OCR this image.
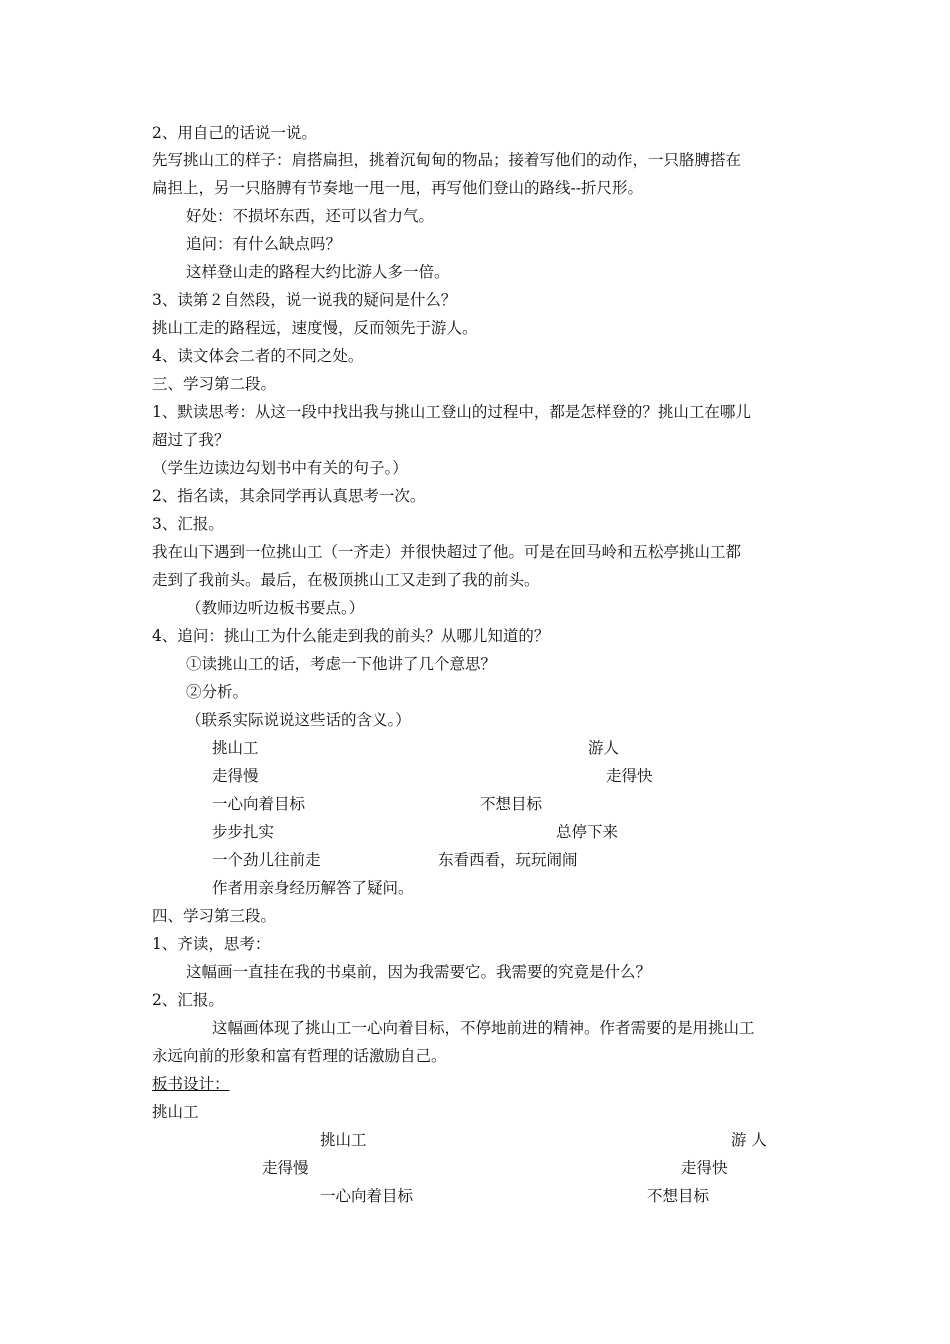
2、用自己的话说一说。
先写挑山工的样子：肩搭扁担，挑着沉甸甸的物品；接着写他们的动作，一只胳膊搭在
扁担上，另一只胳膊有节奏地一甩一甩，再写他们登山的路线--折尺形。
好处：不损坏东西，还可以省力气。
追问：有什么缺点吗？
这样登山走的路程大约比游人多一倍。
3、读第２自然段，说一说我的疑问是什么？
挑山工走的路程远，速度慢，反而领先于游人。
4、读文体会二者的不同之处。
三、学习第二段。
1、默读思考：从这一段中找出我与挑山工登山的过程中，都是怎样登的？挑山工在哪儿
超过了我？
（学生边读边勾划书中有关的句子。）
2、指名读，其余同学再认真思考一次。
3、汇报。
我在山下遇到一位挑山工（一齐走）并很快超过了他。可是在回马岭和五松亭挑山工都
走到了我前头。最后，在极顶挑山工又走到了我的前头。
（教师边听边板书要点。）
4、追问：挑山工为什么能走到我的前头？从哪儿知道的？
①读挑山工的话，考虑一下他讲了几个意思？
②分析。
（联系实际说说这些话的含义。）
挑山工	游人
走得慢	走得快
一心向着目标	不想目标
步步扎实	总停下来
一个劲儿往前走	东看西看，玩玩闹闹
作者用亲身经历解答了疑问。
四、学习第三段。
1、齐读，思考：
这幅画一直挂在我的书桌前，因为我需要它。我需要的究竟是什么？
2、汇报。
这幅画体现了挑山工一心向着目标，不停地前进的精神。作者需要的是用挑山工
永远向前的形象和富有哲理的话激励自己。
板书设计：
挑山工
挑山工	游 人
走得慢	走得快
一心向着目标	不想目标
